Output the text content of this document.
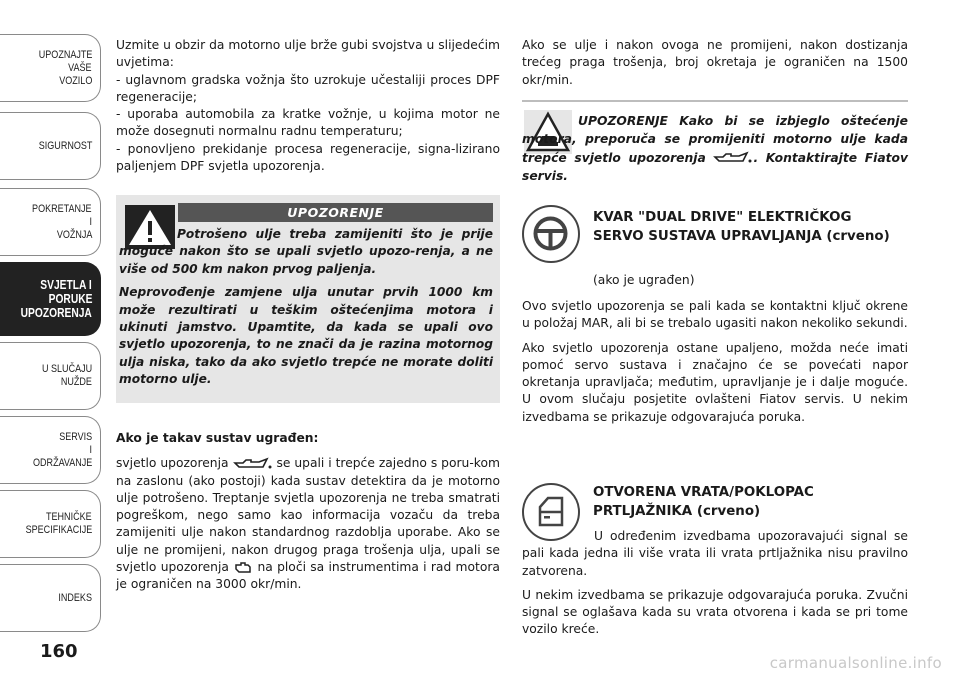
UPOZNAJTE
VAŠE
VOZILO
SIGURNOST
POKRETANJE
I
VOŽNJA
SVJETLA I
PORUKE
UPOZORENJA
U SLUČAJU
NUŽDE
SERVIS
I
ODRŽAVANJE
TEHNIČKE
SPECIFIKACIJE
INDEKS
160

Uzmite u obzir da motorno ulje brže gubi svojstva u slijedećim uvjetima:

- uglavnom gradska vožnja što uzrokuje učestaliji proces DPF regeneracije;

- uporaba automobila za kratke vožnje, u kojima motor ne može dosegnuti normalnu radnu temperaturu;

- ponovljeno prekidanje procesa regeneracije, signa-lizirano paljenjem DPF svjetla upozorenja.

UPOZORENJE

Potrošeno ulje treba zamijeniti što je prije moguće nakon što se upali svjetlo upozo-renja, a ne više od 500 km nakon prvog paljenja.

Neprovođenje zamjene ulja unutar prvih 1000 km može rezultirati u teškim oštećenjima motora i ukinuti jamstvo. Upamtite, da kada se upali ovo svjetlo upozorenja, to ne znači da je razina motornog ulja niska, tako da ako svjetlo trepće ne morate doliti motorno ulje.

Ako je takav sustav ugrađen:

svjetlo upozorenja	se upali i trepće zajedno s poru-kom na zaslonu (ako postoji) kada sustav detektira da je motorno ulje potrošeno. Treptanje svjetla upozorenja ne treba smatrati pogreškom, nego samo kao informacija vozaču da treba zamijeniti ulje nakon standardnog razdoblja uporabe. Ako se ulje ne promijeni, nakon drugog praga trošenja ulja, upali se svjetlo upozorenja na ploči sa instrumentima i rad motora je ograničen na 3000 okr/min.

Ako se ulje i nakon ovoga ne promijeni, nakon dostizanja trećeg praga trošenja, broj okretaja je ograničen na 1500 okr/min.

UPOZORENJE Kako bi se izbjeglo oštećenje motora, preporuča se promijeniti motorno ulje kada trepće svjetlo upozorenja	. Kontaktirajte Fiatov servis.

KVAR "DUAL DRIVE" ELEKTRIČKOG SERVO SUSTAVA UPRAVLJANJA (crveno)
(ako je ugrađen)

Ovo svjetlo upozorenja se pali kada se kontaktni ključ okrene u položaj MAR, ali bi se trebalo ugasiti nakon nekoliko sekundi.

Ako svjetlo upozorenja ostane upaljeno, možda neće imati pomoć servo sustava i značajno će se povećati napor okretanja upravljača; međutim, upravljanje je i dalje moguće. U ovom slučaju posjetite ovlašteni Fiatov servis. U nekim izvedbama se prikazuje odgovarajuća poruka.

OTVORENA VRATA/POKLOPAC PRTLJAŽNIKA (crveno)

U određenim izvedbama upozoravajući signal se pali kada jedna ili više vrata ili vrata prtljažnika nisu pravilno zatvorena.

U nekim izvedbama se prikazuje odgovarajuća poruka. Zvučni signal se oglašava kada su vrata otvorena i kada se pri tome vozilo kreće.

carmanualsonline.info
